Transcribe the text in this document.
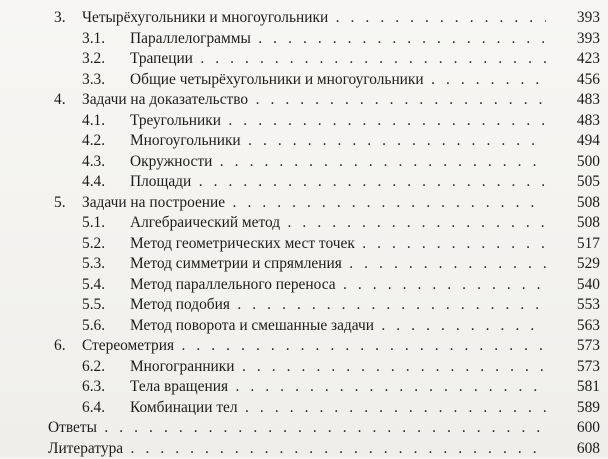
3. Четырёхугольники и многоугольники . . .	393
3.1. Параллелограммы . . .	393
3.2. Трапеции . . .	423
3.3. Общие четырёхугольники и многоугольники . . .	456
4. Задачи на доказательство . . .	483
4.1. Треугольники . . .	483
4.2. Многоугольники . . .	494
4.3. Окружности . . .	500
4.4. Площади . . .	505
5. Задачи на построение . . .	508
5.1. Алгебраический метод . . .	508
5.2. Метод геометрических мест точек . . .	517
5.3. Метод симметрии и спрямления . . .	529
5.4. Метод параллельного переноса . . .	540
5.5. Метод подобия . . .	553
5.6. Метод поворота и смешанные задачи . . .	563
6. Стереометрия . . .	573
6.2. Многогранники . . .	573
6.3. Тела вращения . . .	581
6.4. Комбинации тел . . .	589
Ответы . . .	600
Литература . . .	608
